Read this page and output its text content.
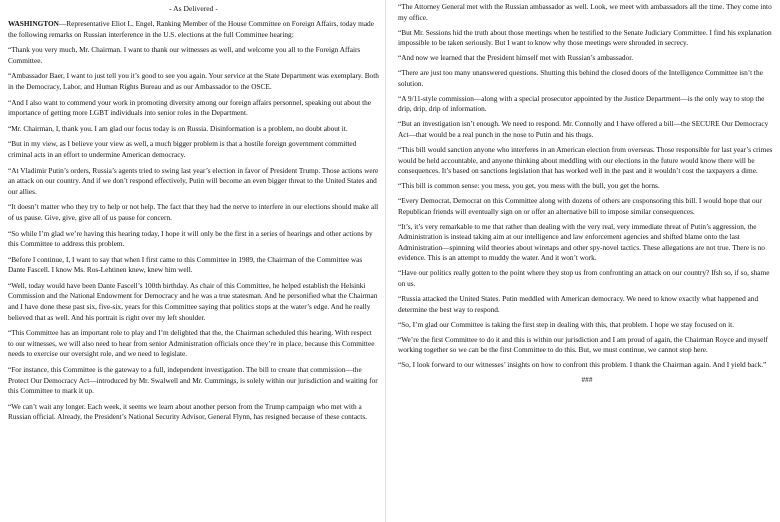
- As Delivered -

WASHINGTON—Representative Eliot L. Engel, Ranking Member of the House Committee on Foreign Affairs, today made the following remarks on Russian interference in the U.S. elections at the full Committee hearing:

“Thank you very much, Mr. Chairman. I want to thank our witnesses as well, and welcome you all to the Foreign Affairs Committee.

“Ambassador Baer, I want to just tell you it’s good to see you again. Your service at the State Department was exemplary. Both in the Democracy, Labor, and Human Rights Bureau and as our Ambassador to the OSCE.

“And I also want to commend your work in promoting diversity among our foreign affairs personnel, speaking out about the importance of getting more LGBT individuals into senior roles in the Department.

“Mr. Chairman, I, thank you. I am glad our focus today is on Russia. Disinformation is a problem, no doubt about it.

“But in my view, as I believe your view as well, a much bigger problem is that a hostile foreign government committed criminal acts in an effort to undermine American democracy.

“At Vladimir Putin’s orders, Russia’s agents tried to swing last year’s election in favor of President Trump. Those actions were an attack on our country. And if we don’t respond effectively, Putin will become an even bigger threat to the United States and our allies.

“It doesn’t matter who they try to help or not help. The fact that they had the nerve to interfere in our elections should make all of us pause. Give, give, give all of us pause for concern.

“So while I’m glad we’re having this hearing today, I hope it will only be the first in a series of hearings and other actions by this Committee to address this problem.

“Before I continue, I, I want to say that when I first came to this Committee in 1989, the Chairman of the Committee was Dante Fascell. I know Ms. Ros-Lehtinen knew, knew him well.

“Well, today would have been Dante Fascell’s 100th birthday. As chair of this Committee, he helped establish the Helsinki Commission and the National Endowment for Democracy and he was a true statesman. And he personified what the Chairman and I have done these past six, five-six, years for this Committee saying that politics stops at the water’s edge. And he really believed that as well. And his portrait is right over my left shoulder.

“This Committee has an important role to play and I’m delighted that the, the Chairman scheduled this hearing. With respect to our witnesses, we will also need to hear from senior Administration officials once they’re in place, because this Committee needs to exercise our oversight role, and we need to legislate.

“For instance, this Committee is the gateway to a full, independent investigation. The bill to create that commission—the Protect Our Democracy Act—introduced by Mr. Swalwell and Mr. Cummings, is solely within our jurisdiction and waiting for this Committee to mark it up.

“We can’t wait any longer. Each week, it seems we learn about another person from the Trump campaign who met with a Russian official. Already, the President’s National Security Advisor, General Flynn, has resigned because of these contacts.

“The Attorney General met with the Russian ambassador as well. Look, we meet with ambassadors all the time. They come into my office.

“But Mr. Sessions hid the truth about those meetings when he testified to the Senate Judiciary Committee. I find his explanation impossible to be taken seriously. But I want to know why those meetings were shrouded in secrecy.

“And now we learned that the President himself met with Russian’s ambassador.

“There are just too many unanswered questions. Shutting this behind the closed doors of the Intelligence Committee isn’t the solution.

“A 9/11-style commission—along with a special prosecutor appointed by the Justice Department—is the only way to stop the drip, drip, drip of information.

“But an investigation isn’t enough. We need to respond. Mr. Connolly and I have offered a bill—the SECURE Our Democracy Act—that would be a real punch in the nose to Putin and his thugs.

“This bill would sanction anyone who interferes in an American election from overseas. Those responsible for last year’s crimes would be held accountable, and anyone thinking about meddling with our elections in the future would know there will be consequences. It’s based on sanctions legislation that has worked well in the past and it wouldn’t cost the taxpayers a dime.

“This bill is common sense: you mess, you get, you mess with the bull, you get the horns.

“Every Democrat, Democrat on this Committee along with dozens of others are cosponsoring this bill. I would hope that our Republican friends will eventually sign on or offer an alternative bill to impose similar consequences.

“It’s, it’s very remarkable to me that rather than dealing with the very real, very immediate threat of Putin’s aggression, the Administration is instead taking aim at our intelligence and law enforcement agencies and shifted blame onto the last Administration—spinning wild theories about wiretaps and other spy-novel tactics. These allegations are not true. There is no evidence. This is an attempt to muddy the water. And it won’t work.

“Have our politics really gotten to the point where they stop us from confronting an attack on our country? Ifsh so, if so, shame on us.

“Russia attacked the United States. Putin meddled with American democracy. We need to know exactly what happened and determine the best way to respond.

“So, I’m glad our Committee is taking the first step in dealing with this, that problem. I hope we stay focused on it.

“We’re the first Committee to do it and this is within our jurisdiction and I am proud of again, the Chairman Royce and myself working together so we can be the first Committee to do this. But, we must continue, we cannot stop here.

“So, I look forward to our witnesses’ insights on how to confront this problem. I thank the Chairman again. And I yield back.”

###
